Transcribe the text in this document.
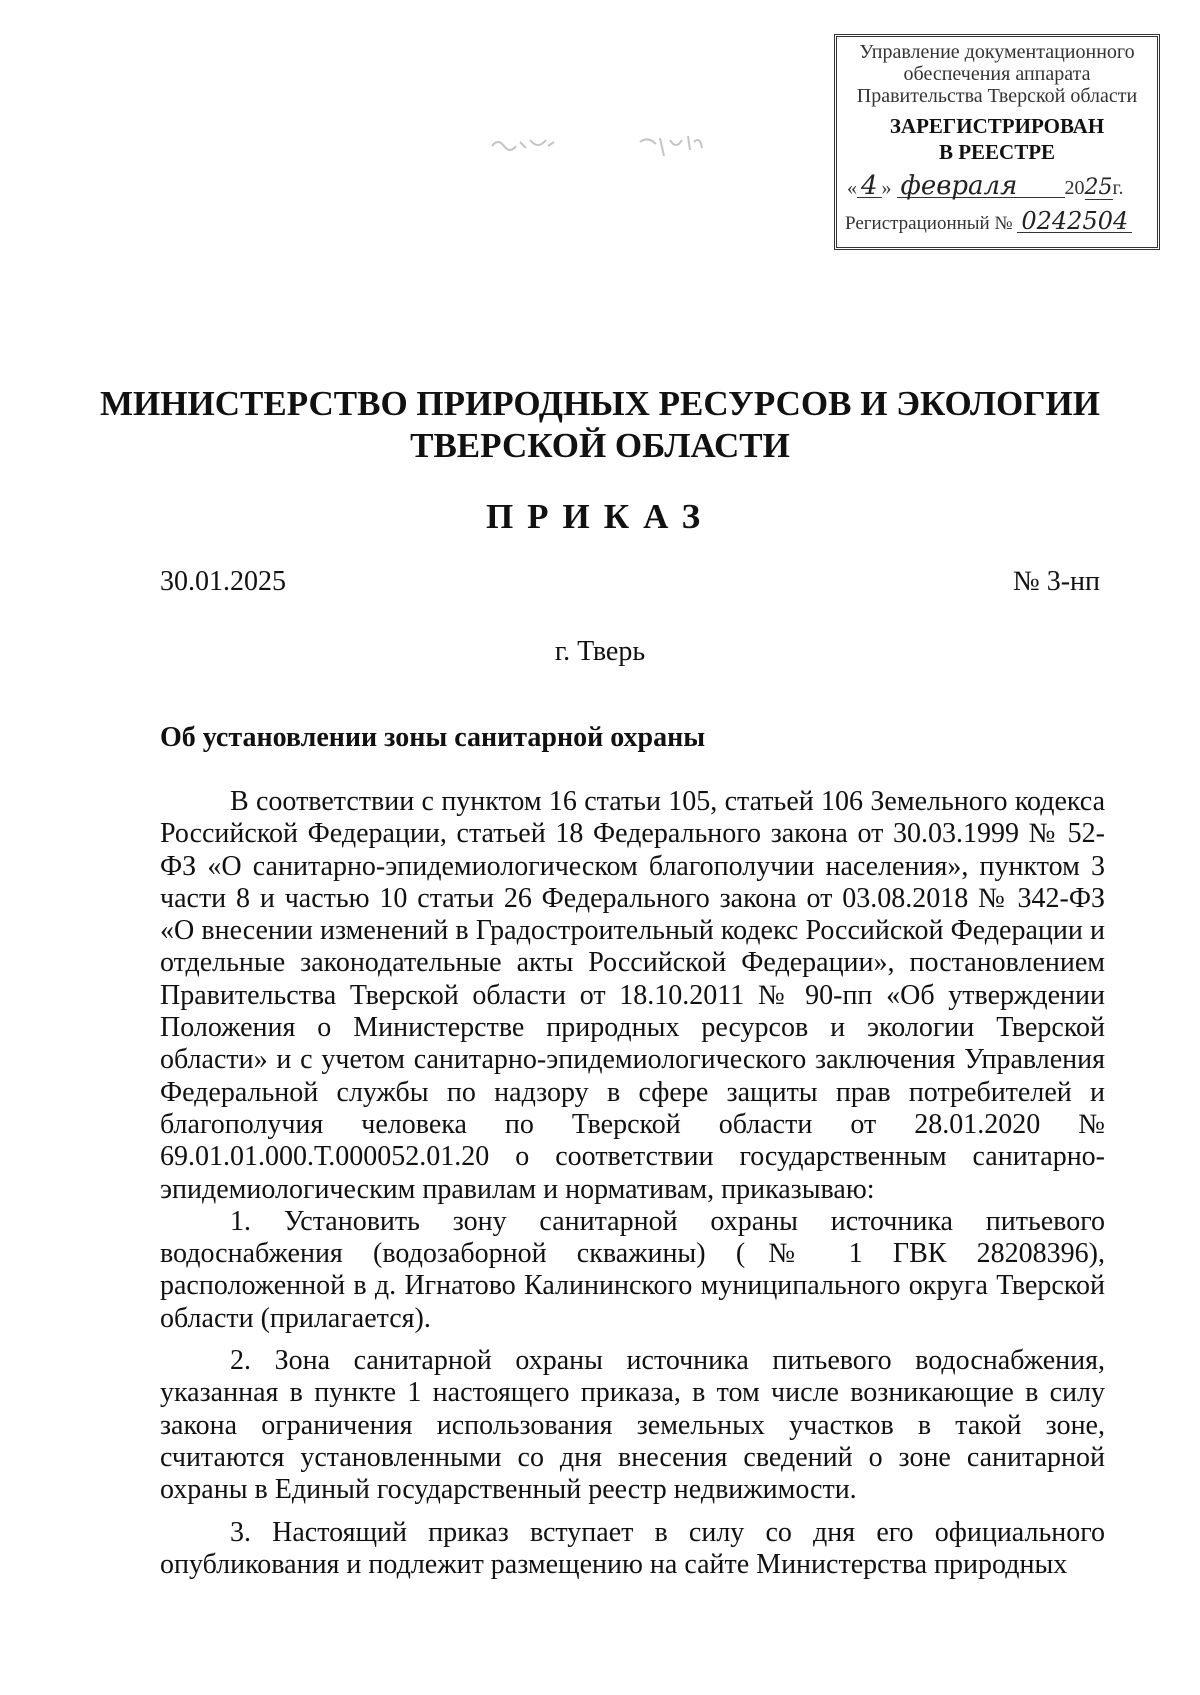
Управление документационного
обеспечения аппарата
Правительства Тверской области
ЗАРЕГИСТРИРОВАН
В РЕЕСТРЕ
« 4 » февраля 2025г.
Регистрационный № 0242504
МИНИСТЕРСТВО ПРИРОДНЫХ РЕСУРСОВ И ЭКОЛОГИИ
ТВЕРСКОЙ ОБЛАСТИ
ПРИКАЗ
30.01.2025	№ 3-нп
г. Тверь
Об установлении зоны санитарной охраны

В соответствии с пунктом 16 статьи 105, статьей 106 Земельного кодекса Российской Федерации, статьей 18 Федерального закона от 30.03.1999 № 52-ФЗ «О санитарно-эпидемиологическом благополучии населения», пунктом 3 части 8 и частью 10 статьи 26 Федерального закона от 03.08.2018 № 342-ФЗ «О внесении изменений в Градостроительный кодекс Российской Федерации и отдельные законодательные акты Российской Федерации», постановлением Правительства Тверской области от 18.10.2011 № 90-пп «Об утверждении Положения о Министерстве природных ресурсов и экологии Тверской области» и с учетом санитарно-эпидемиологического заключения Управления Федеральной службы по надзору в сфере защиты прав потребителей и благополучия человека по Тверской области от 28.01.2020 № 69.01.01.000.Т.000052.01.20 о соответствии государственным санитарно-эпидемиологическим правилам и нормативам, приказываю:

1. Установить зону санитарной охраны источника питьевого водоснабжения (водозаборной скважины) (№ 1 ГВК 28208396), расположенной в д. Игнатово Калининского муниципального округа Тверской области (прилагается).

2. Зона санитарной охраны источника питьевого водоснабжения, указанная в пункте 1 настоящего приказа, в том числе возникающие в силу закона ограничения использования земельных участков в такой зоне, считаются установленными со дня внесения сведений о зоне санитарной охраны в Единый государственный реестр недвижимости.

3. Настоящий приказ вступает в силу со дня его официального опубликования и подлежит размещению на сайте Министерства природных
